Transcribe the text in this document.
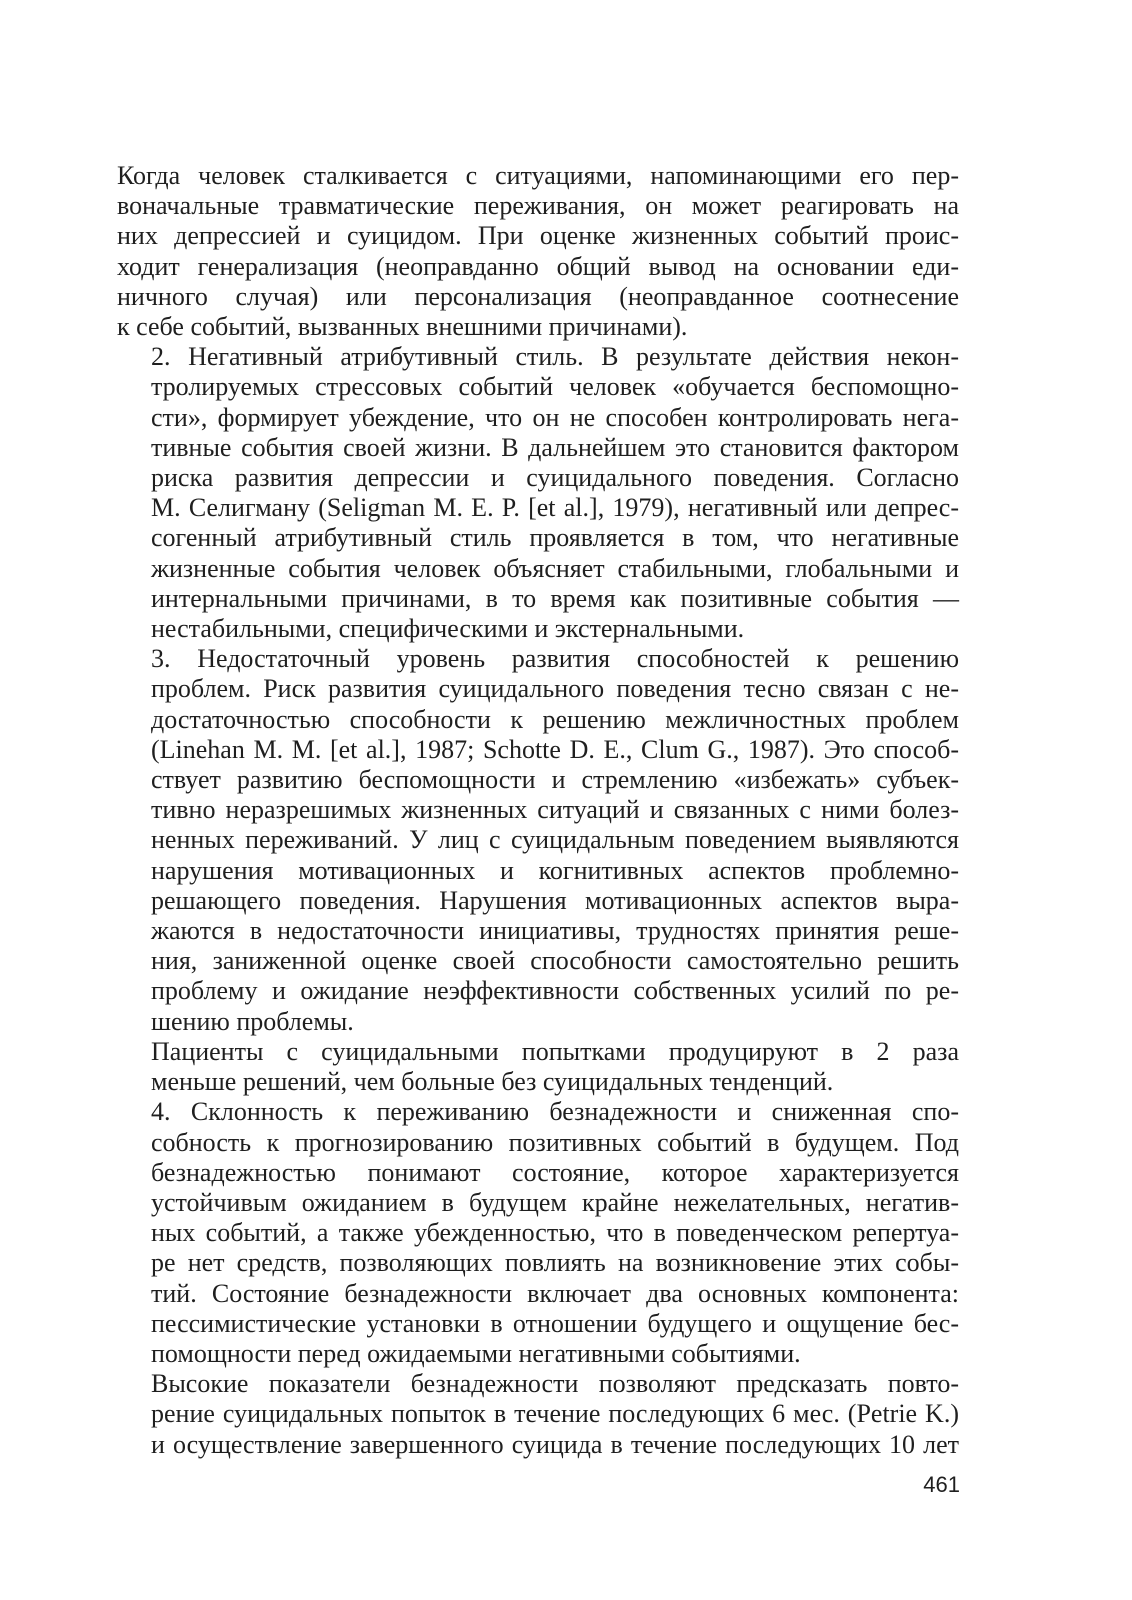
Когда человек сталкивается с ситуациями, напоминающими его пер-
воначальные травматические переживания, он может реагировать на
них депрессией и суицидом. При оценке жизненных событий проис-
ходит генерализация (неоправданно общий вывод на основании еди-
ничного случая) или персонализация (неоправданное соотнесение
к себе событий, вызванных внешними причинами).
2. Негативный атрибутивный стиль. В результате действия некон-
тролируемых стрессовых событий человек «обучается беспомощно-
сти», формирует убеждение, что он не способен контролировать нега-
тивные события своей жизни. В дальнейшем это становится фактором
риска развития депрессии и суицидального поведения. Согласно
М. Селигману (Seligman M. E. P. [et al.], 1979), негативный или депрес-
согенный атрибутивный стиль проявляется в том, что негативные
жизненные события человек объясняет стабильными, глобальными и
интернальными причинами, в то время как позитивные события —
нестабильными, специфическими и экстернальными.
3. Недостаточный уровень развития способностей к решению
проблем. Риск развития суицидального поведения тесно связан с не-
достаточностью способности к решению межличностных проблем
(Linehan M. M. [et al.], 1987; Schotte D. E., Clum G., 1987). Это способ-
ствует развитию беспомощности и стремлению «избежать» субъек-
тивно неразрешимых жизненных ситуаций и связанных с ними болез-
ненных переживаний. У лиц с суицидальным поведением выявляются
нарушения мотивационных и когнитивных аспектов проблемно-
решающего поведения. Нарушения мотивационных аспектов выра-
жаются в недостаточности инициативы, трудностях принятия реше-
ния, заниженной оценке своей способности самостоятельно решить
проблему и ожидание неэффективности собственных усилий по ре-
шению проблемы.
Пациенты с суицидальными попытками продуцируют в 2 раза
меньше решений, чем больные без суицидальных тенденций.
4. Склонность к переживанию безнадежности и сниженная спо-
собность к прогнозированию позитивных событий в будущем. Под
безнадежностью понимают состояние, которое характеризуется
устойчивым ожиданием в будущем крайне нежелательных, негатив-
ных событий, а также убежденностью, что в поведенческом репертуа-
ре нет средств, позволяющих повлиять на возникновение этих собы-
тий. Состояние безнадежности включает два основных компонента:
пессимистические установки в отношении будущего и ощущение бес-
помощности перед ожидаемыми негативными событиями.
Высокие показатели безнадежности позволяют предсказать повто-
рение суицидальных попыток в течение последующих 6 мес. (Petrie K.)
и осуществление завершенного суицида в течение последующих 10 лет
461
